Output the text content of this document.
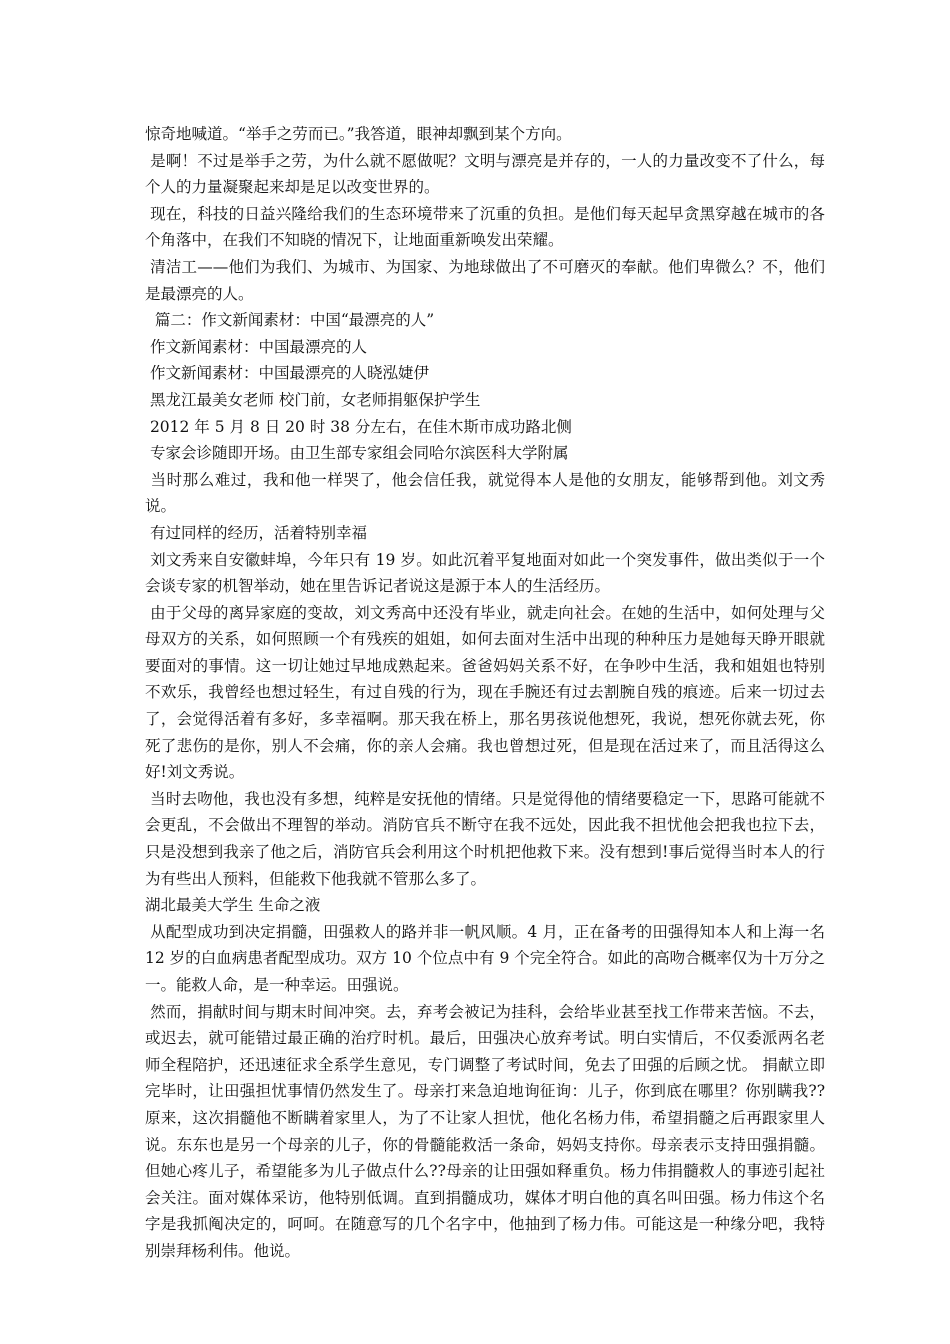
惊奇地喊道。“举手之劳而已。”我答道，眼神却飘到某个方向。

是啊！不过是举手之劳，为什么就不愿做呢？文明与漂亮是并存的，一人的力量改变不了什么，每个人的力量凝聚起来却是足以改变世界的。

现在，科技的日益兴隆给我们的生态环境带来了沉重的负担。是他们每天起早贪黑穿越在城市的各个角落中，在我们不知晓的情况下，让地面重新唤发出荣耀。

清洁工——他们为我们、为城市、为国家、为地球做出了不可磨灭的奉献。他们卑微么？不，他们是最漂亮的人。

篇二：作文新闻素材：中国“最漂亮的人”

作文新闻素材：中国最漂亮的人

作文新闻素材：中国最漂亮的人晓泓婕伊

黑龙江最美女老师 校门前，女老师捐躯保护学生

2012 年 5 月 8 日 20 时 38 分左右，在佳木斯市成功路北侧

专家会诊随即开场。由卫生部专家组会同哈尔滨医科大学附属

当时那么难过，我和他一样哭了，他会信任我，就觉得本人是他的女朋友，能够帮到他。刘文秀说。

有过同样的经历，活着特别幸福

刘文秀来自安徽蚌埠，今年只有 19 岁。如此沉着平复地面对如此一个突发事件，做出类似于一个会谈专家的机智举动，她在里告诉记者说这是源于本人的生活经历。

由于父母的离异家庭的变故，刘文秀高中还没有毕业，就走向社会。在她的生活中，如何处理与父母双方的关系，如何照顾一个有残疾的姐姐，如何去面对生活中出现的种种压力是她每天睁开眼就要面对的事情。这一切让她过早地成熟起来。爸爸妈妈关系不好，在争吵中生活，我和姐姐也特别不欢乐，我曾经也想过轻生，有过自残的行为，现在手腕还有过去割腕自残的痕迹。后来一切过去了，会觉得活着有多好，多幸福啊。那天我在桥上，那名男孩说他想死，我说，想死你就去死，你死了悲伤的是你，别人不会痛，你的亲人会痛。我也曾想过死，但是现在活过来了，而且活得这么好!刘文秀说。

当时去吻他，我也没有多想，纯粹是安抚他的情绪。只是觉得他的情绪要稳定一下，思路可能就不会更乱，不会做出不理智的举动。消防官兵不断守在我不远处，因此我不担忧他会把我也拉下去，只是没想到我亲了他之后，消防官兵会利用这个时机把他救下来。没有想到!事后觉得当时本人的行为有些出人预料，但能救下他我就不管那么多了。

湖北最美大学生 生命之液

从配型成功到决定捐髓，田强救人的路并非一帆风顺。4 月，正在备考的田强得知本人和上海一名 12 岁的白血病患者配型成功。双方 10 个位点中有 9 个完全符合。如此的高吻合概率仅为十万分之一。能救人命，是一种幸运。田强说。

然而，捐献时间与期末时间冲突。去，弃考会被记为挂科，会给毕业甚至找工作带来苦恼。不去，或迟去，就可能错过最正确的治疗时机。最后，田强决心放弃考试。明白实情后，不仅委派两名老师全程陪护，还迅速征求全系学生意见，专门调整了考试时间，免去了田强的后顾之忧。 捐献立即完毕时，让田强担忧事情仍然发生了。母亲打来急迫地询征询：儿子，你到底在哪里？你别瞒我??原来，这次捐髓他不断瞒着家里人，为了不让家人担忧，他化名杨力伟，希望捐髓之后再跟家里人说。东东也是另一个母亲的儿子，你的骨髓能救活一条命，妈妈支持你。母亲表示支持田强捐髓。但她心疼儿子，希望能多为儿子做点什么??母亲的让田强如释重负。杨力伟捐髓救人的事迹引起社会关注。面对媒体采访，他特别低调。直到捐髓成功，媒体才明白他的真名叫田强。杨力伟这个名字是我抓阄决定的，呵呵。在随意写的几个名字中，他抽到了杨力伟。可能这是一种缘分吧，我特别崇拜杨利伟。他说。
